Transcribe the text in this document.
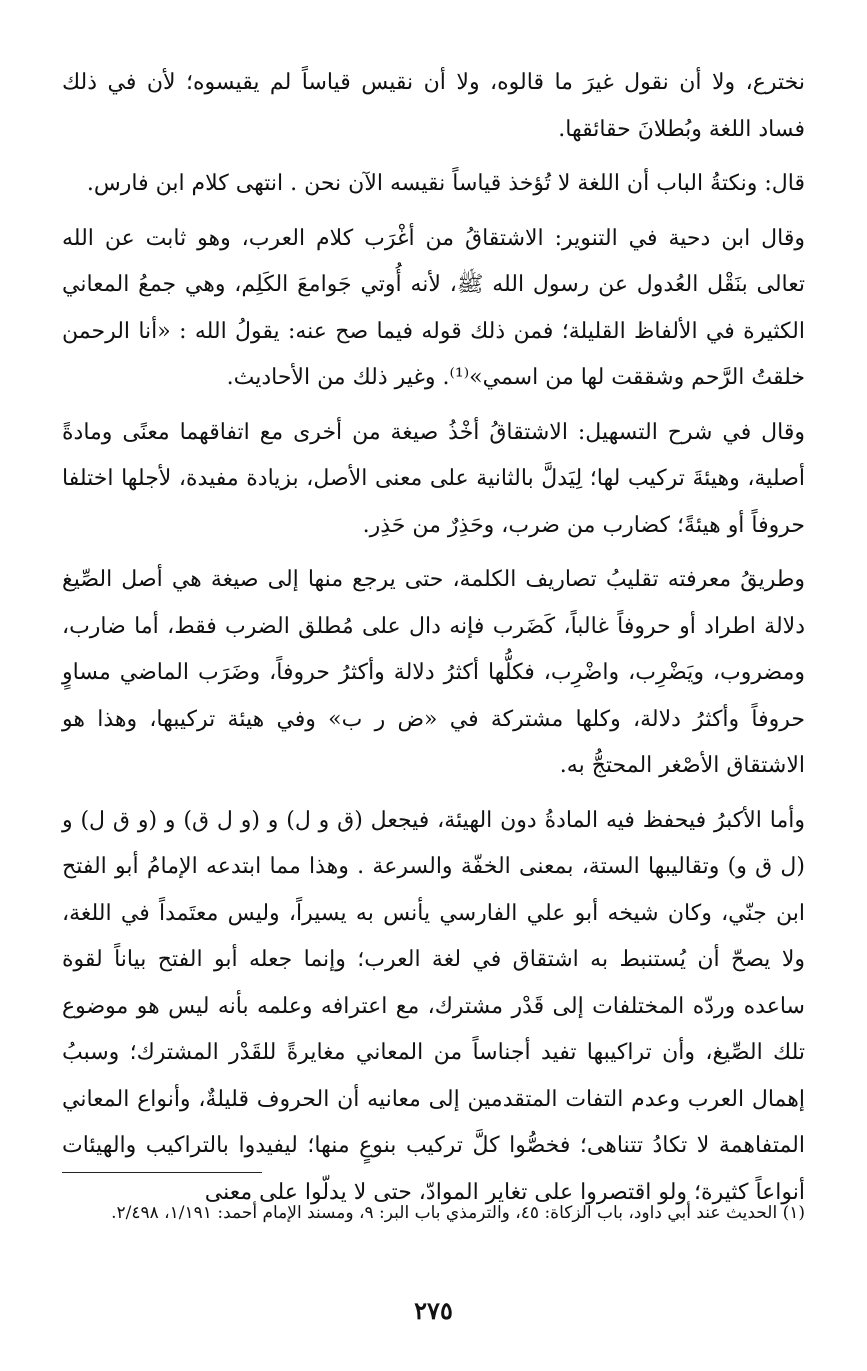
نخترع، ولا أن نقول غيرَ ما قالوه، ولا أن نقيس قياساً لم يقيسوه؛ لأن في ذلك فساد اللغة وبُطلانَ حقائقها.

قال: ونكتةُ الباب أن اللغة لا تُؤخذ قياساً نقيسه الآن نحن . انتهى كلام ابن فارس.

وقال ابن دحية في التنوير: الاشتقاقُ من أغْرَب كلام العرب، وهو ثابت عن الله تعالى بنَقْل العُدول عن رسول الله ﷺ، لأنه أُوتي جَوامعَ الكَلِم، وهي جمعُ المعاني الكثيرة في الألفاظ القليلة؛ فمن ذلك قوله فيما صح عنه: يقولُ الله : «أنا الرحمن خلقتُ الرَّحم وشققت لها من اسمي»⁽¹⁾. وغير ذلك من الأحاديث.

وقال في شرح التسهيل: الاشتقاقُ أخْذُ صيغة من أخرى مع اتفاقهما معنًى ومادةً أصلية، وهيئةَ تركيب لها؛ لِيَدلَّ بالثانية على معنى الأصل، بزيادة مفيدة، لأجلها اختلفا حروفاً أو هيئةً؛ كضارب من ضرب، وحَذِرٌ من حَذِر.

وطريقُ معرفته تقليبُ تصاريف الكلمة، حتى يرجع منها إلى صيغة هي أصل الصِّيغ دلالة اطراد أو حروفاً غالباً، كَضَرب فإنه دال على مُطلق الضرب فقط، أما ضارب، ومضروب، ويَضْرِب، واضْرِب، فكلُّها أكثرُ دلالة وأكثرُ حروفاً، وضَرَب الماضي مساوٍ حروفاً وأكثرُ دلالة، وكلها مشتركة في «ض ر ب» وفي هيئة تركيبها، وهذا هو الاشتقاق الأصْغر المحتجُّ به.

وأما الأكبرُ فيحفظ فيه المادةُ دون الهيئة، فيجعل (ق و ل) و (و ل ق) و (و ق ل) و (ل ق و) وتقاليبها الستة، بمعنى الخفّة والسرعة . وهذا مما ابتدعه الإمامُ أبو الفتح ابن جنّي، وكان شيخه أبو علي الفارسي يأنس به يسيراً، وليس معتَمداً في اللغة، ولا يصحّ أن يُستنبط به اشتقاق في لغة العرب؛ وإنما جعله أبو الفتح بياناً لقوة ساعده وردّه المختلفات إلى قَدْر مشترك، مع اعترافه وعلمه بأنه ليس هو موضوع تلك الصِّيغ، وأن تراكيبها تفيد أجناساً من المعاني مغايرةً للقَدْر المشترك؛ وسببُ إهمال العرب وعدم التفات المتقدمين إلى معانيه أن الحروف قليلةٌ، وأنواع المعاني المتفاهمة لا تكادُ تتناهى؛ فخصُّوا كلَّ تركيب بنوعٍ منها؛ ليفيدوا بالتراكيب والهيئات أنواعاً كثيرة؛ ولو اقتصروا على تغاير الموادّ، حتى لا يدلّوا على معنى

(١) الحديث عند أبي داود، باب الزكاة: ٤٥، والترمذي باب البر: ٩، ومسند الإمام أحمد: ١/١٩١، ٢/٤٩٨.
٢٧٥
